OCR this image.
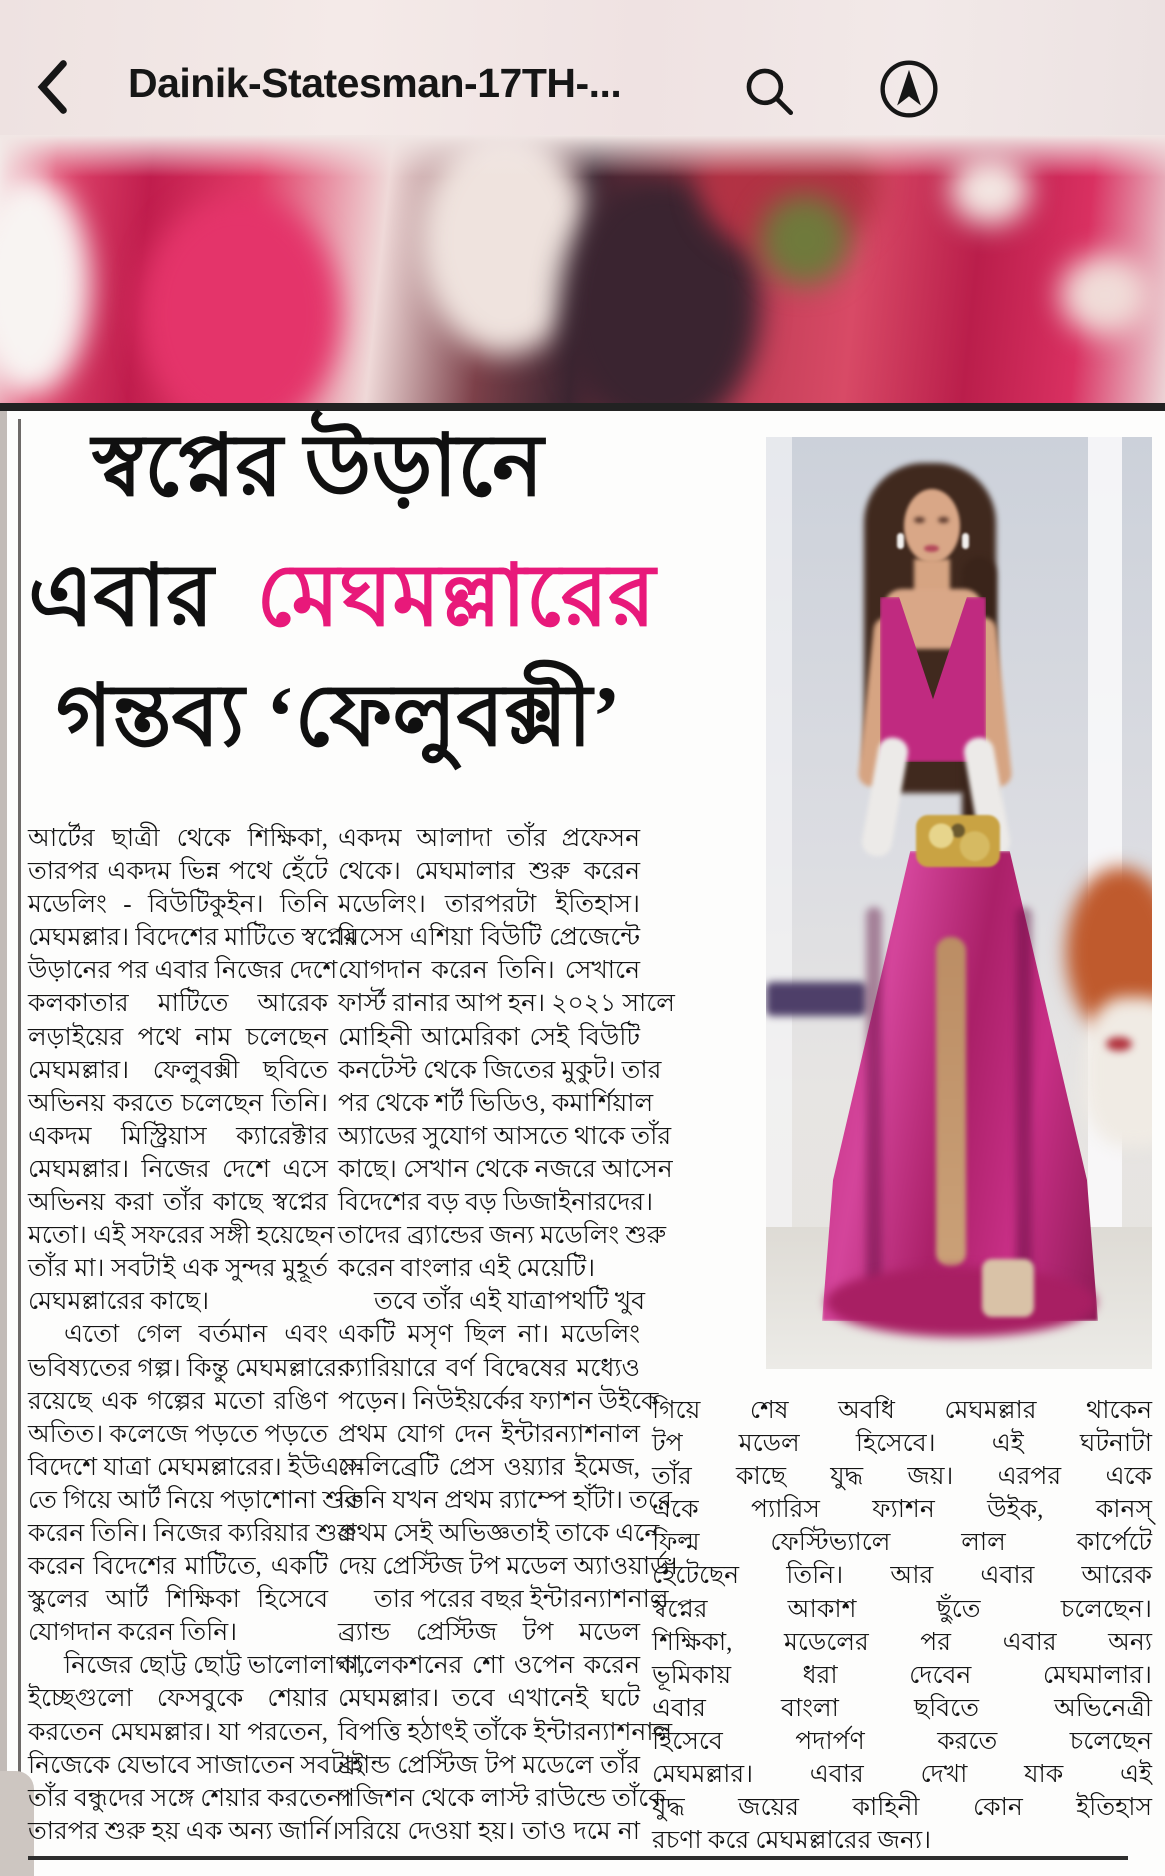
Dainik-Statesman-17TH-...
স্বপ্নের উড়ানে
এবার মেঘমল্লারের
গন্তব্য ‘ফেলুবক্সী’
আর্টের ছাত্রী থেকে শিক্ষিকা,
তারপর একদম ভিন্ন পথে হেঁটে
মডেলিং - বিউটিকুইন। তিনি
মেঘমল্লার। বিদেশের মাটিতে স্বপ্নের
উড়ানের পর এবার নিজের দেশে
কলকাতার মাটিতে আরেক
লড়াইয়ের পথে নাম চলেছেন
মেঘমল্লার। ফেলুবক্সী ছবিতে
অভিনয় করতে চলেছেন তিনি।
একদম মিস্ট্রিয়াস ক্যারেক্টার
মেঘমল্লার। নিজের দেশে এসে
অভিনয় করা তাঁর কাছে স্বপ্নের
মতো। এই সফরের সঙ্গী হয়েছেন
তাঁর মা। সবটাই এক সুন্দর মুহূর্ত
মেঘমল্লারের কাছে।
এতো গেল বর্তমান এবং
ভবিষ্যতের গল্প। কিন্তু মেঘমল্লারের
রয়েছে এক গল্পের মতো রঙিণ
অতিত। কলেজে পড়তে পড়তে
বিদেশে যাত্রা মেঘমল্লারের। ইউএস-
তে গিয়ে আর্ট নিয়ে পড়াশোনা শুরু
করেন তিনি। নিজের ক্যরিয়ার শুরু
করেন বিদেশের মাটিতে, একটি
স্কুলের আর্ট শিক্ষিকা হিসেবে
যোগদান করেন তিনি।
নিজের ছোট্ট ছোট্ট ভালোলাগা,
ইচ্ছেগুলো ফেসবুকে শেয়ার
করতেন মেঘমল্লার। যা পরতেন,
নিজেকে যেভাবে সাজাতেন সবটাই
তাঁর বন্ধুদের সঙ্গে শেয়ার করতেন।
তারপর শুরু হয় এক অন্য জার্নি।
একদম আলাদা তাঁর প্রফেসন
থেকে। মেঘমালার শুরু করেন
মডেলিং। তারপরটা ইতিহাস।
মিসেস এশিয়া বিউটি প্রেজেন্টে
যোগদান করেন তিনি। সেখানে
ফার্স্ট রানার আপ হন। ২০২১ সালে
মোহিনী আমেরিকা সেই বিউটি
কনটেস্ট থেকে জিতের মুকুট। তার
পর থেকে শর্ট ভিডিও, কমার্শিয়াল
অ্যাডের সুযোগ আসতে থাকে তাঁর
কাছে। সেখান থেকে নজরে আসেন
বিদেশের বড় বড় ডিজাইনারদের।
তাদের ব্র্যান্ডের জন্য মডেলিং শুরু
করেন বাংলার এই মেয়েটি।
তবে তাঁর এই যাত্রাপথটি খুব
একটি মসৃণ ছিল না। মডেলিং
ক্যারিয়ারে বর্ণ বিদ্বেষের মধ্যেও
পড়েন। নিউইয়র্কের ফ্যাশন উইকে
প্রথম যোগ দেন ইন্টারন্যাশনাল
সেলিব্রেটি প্রেস ওয়্যার ইমেজ,
তিনি যখন প্রথম র‍্যাম্পে হাঁটা। তবে
প্রথম সেই অভিজ্ঞতাই তাকে এনে
দেয় প্রেস্টিজ টপ মডেল অ্যাওয়ার্ড।
তার পরের বছর ইন্টারন্যাশনাল
ব্র্যান্ড প্রেস্টিজ টপ মডেল
কালেকশনের শো ওপেন করেন
মেঘমল্লার। তবে এখানেই ঘটে
বিপত্তি হঠাৎই তাঁকে ইন্টারন্যাশনাল
ব্র্যান্ড প্রেস্টিজ টপ মডেলে তাঁর
পজিশন থেকে লাস্ট রাউন্ডে তাঁকে
সরিয়ে দেওয়া হয়। তাও দমে না
গিয়ে শেষ অবধি মেঘমল্লার থাকেন
টপ মডেল হিসেবে। এই ঘটনাটা
তাঁর কাছে যুদ্ধ জয়। এরপর একে
একে প্যারিস ফ্যাশন উইক, কানস্
ফিল্ম ফেস্টিভ্যালে লাল কার্পেটে
হেঁটেছেন তিনি। আর এবার আরেক
স্বপ্নের আকাশ ছুঁতে চলেছেন।
শিক্ষিকা, মডেলের পর এবার অন্য
ভূমিকায় ধরা দেবেন মেঘমালার।
এবার বাংলা ছবিতে অভিনেত্রী
হিসেবে পদার্পণ করতে চলেছেন
মেঘমল্লার। এবার দেখা যাক এই
যুদ্ধ জয়ের কাহিনী কোন ইতিহাস
রচণা করে মেঘমল্লারের জন্য।
